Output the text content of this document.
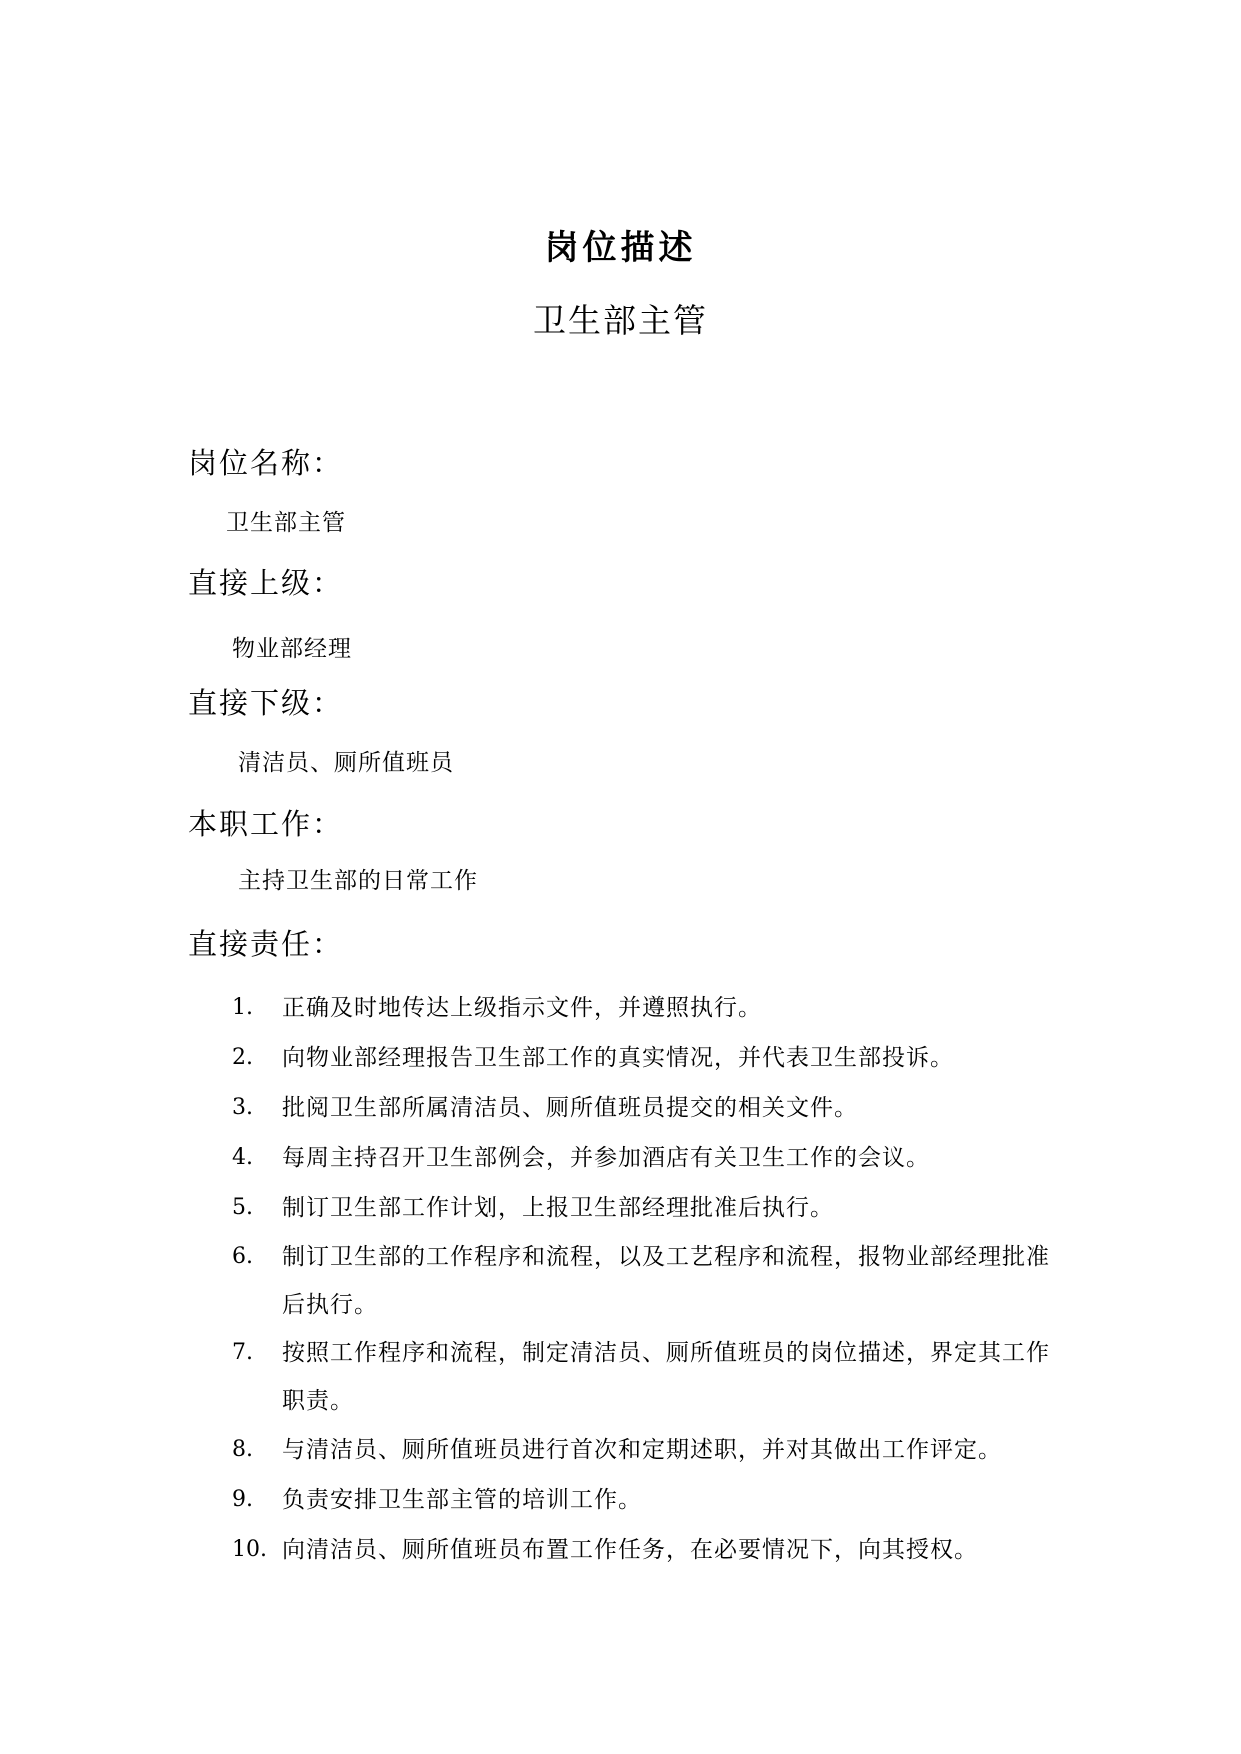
岗位描述
卫生部主管
岗位名称：
卫生部主管
直接上级：
物业部经理
直接下级：
清洁员、厕所值班员
本职工作：
主持卫生部的日常工作
直接责任：
1.	正确及时地传达上级指示文件，并遵照执行。
2.	向物业部经理报告卫生部工作的真实情况，并代表卫生部投诉。
3.	批阅卫生部所属清洁员、厕所值班员提交的相关文件。
4.	每周主持召开卫生部例会，并参加酒店有关卫生工作的会议。
5.	制订卫生部工作计划，上报卫生部经理批准后执行。
6.	制订卫生部的工作程序和流程，以及工艺程序和流程，报物业部经理批准后执行。
7.	按照工作程序和流程，制定清洁员、厕所值班员的岗位描述，界定其工作职责。
8.	与清洁员、厕所值班员进行首次和定期述职，并对其做出工作评定。
9.	负责安排卫生部主管的培训工作。
10. 向清洁员、厕所值班员布置工作任务，在必要情况下，向其授权。
